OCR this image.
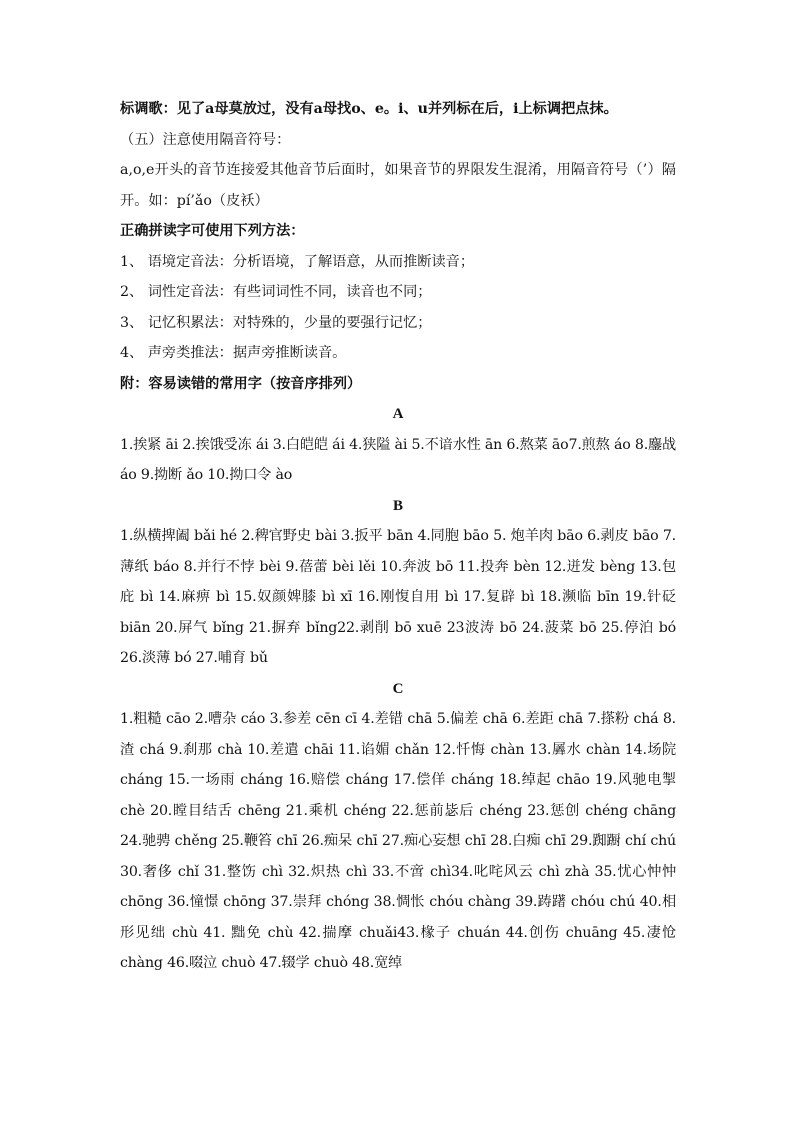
标调歌：见了a母莫放过，没有a母找o、e。i、u并列标在后，i上标调把点抹。

（五）注意使用隔音符号：

a,o,e开头的音节连接爱其他音节后面时，如果音节的界限发生混淆，用隔音符号（’）隔开。如：pí’ǎo（皮袄）

正确拼读字可使用下列方法：

1、 语境定音法：分析语境，了解语意，从而推断读音；

2、 词性定音法：有些词词性不同，读音也不同；

3、 记忆积累法：对特殊的，少量的要强行记忆；

4、 声旁类推法：据声旁推断读音。

附：容易读错的常用字（按音序排列）

A

1.挨紧 āi 2.挨饿受冻 ái 3.白皑皑 ái 4.狭隘 ài 5.不谙水性 ān 6.熬菜 āo7.煎熬 áo 8.鏖战 áo 9.拗断 ǎo 10.拗口令 ào

B

1.纵横捭阖 bǎi hé 2.稗官野史 bài 3.扳平 bān 4.同胞 bāo 5. 炮羊肉 bāo 6.剥皮 bāo 7.薄纸 báo 8.并行不悖 bèi 9.蓓蕾 bèi lěi 10.奔波 bō 11.投奔 bèn 12.迸发 bèng 13.包庇 bì 14.麻痹 bì 15.奴颜婢膝 bì xī 16.刚愎自用 bì 17.复辟 bì 18.濒临 bīn 19.针砭 biān 20.屏气 bǐng 21.摒弃 bǐng22.剥削 bō xuē 23波涛 bō 24.菠菜 bō 25.停泊 bó 26.淡薄 bó 27.哺育 bǔ

C

1.粗糙 cāo 2.嘈杂 cáo 3.参差 cēn cī 4.差错 chā 5.偏差 chā 6.差距 chā 7.搽粉 chá 8.渣 chá 9.刹那 chà 10.差遣 chāi 11.谄媚 chǎn 12.忏悔 chàn 13.羼水 chàn 14.场院 cháng 15.一场雨 cháng 16.赔偿 cháng 17.偿佯 cháng 18.绰起 chāo 19.风驰电掣 chè 20.瞠目结舌 chēng 21.乘机 chéng 22.惩前毖后 chéng 23.惩创 chéng chāng 24.驰骋 chěng 25.鞭笞 chī 26.痴呆 chī 27.痴心妄想 chī 28.白痴 chī 29.踟蹰 chí chú 30.奢侈 chǐ 31.整饬 chì 32.炽热 chì 33.不啻 chì34.叱咤风云 chì zhà 35.忧心忡忡 chōng 36.憧憬 chōng 37.崇拜 chóng 38.惆怅 chóu chàng 39.踌躇 chóu chú 40.相形见绌 chù 41. 黜免 chù 42.揣摩 chuǎi43.椽子 chuán 44.创伤 chuāng 45.凄怆 chàng 46.啜泣 chuò 47.辍学 chuò 48.宽绰
